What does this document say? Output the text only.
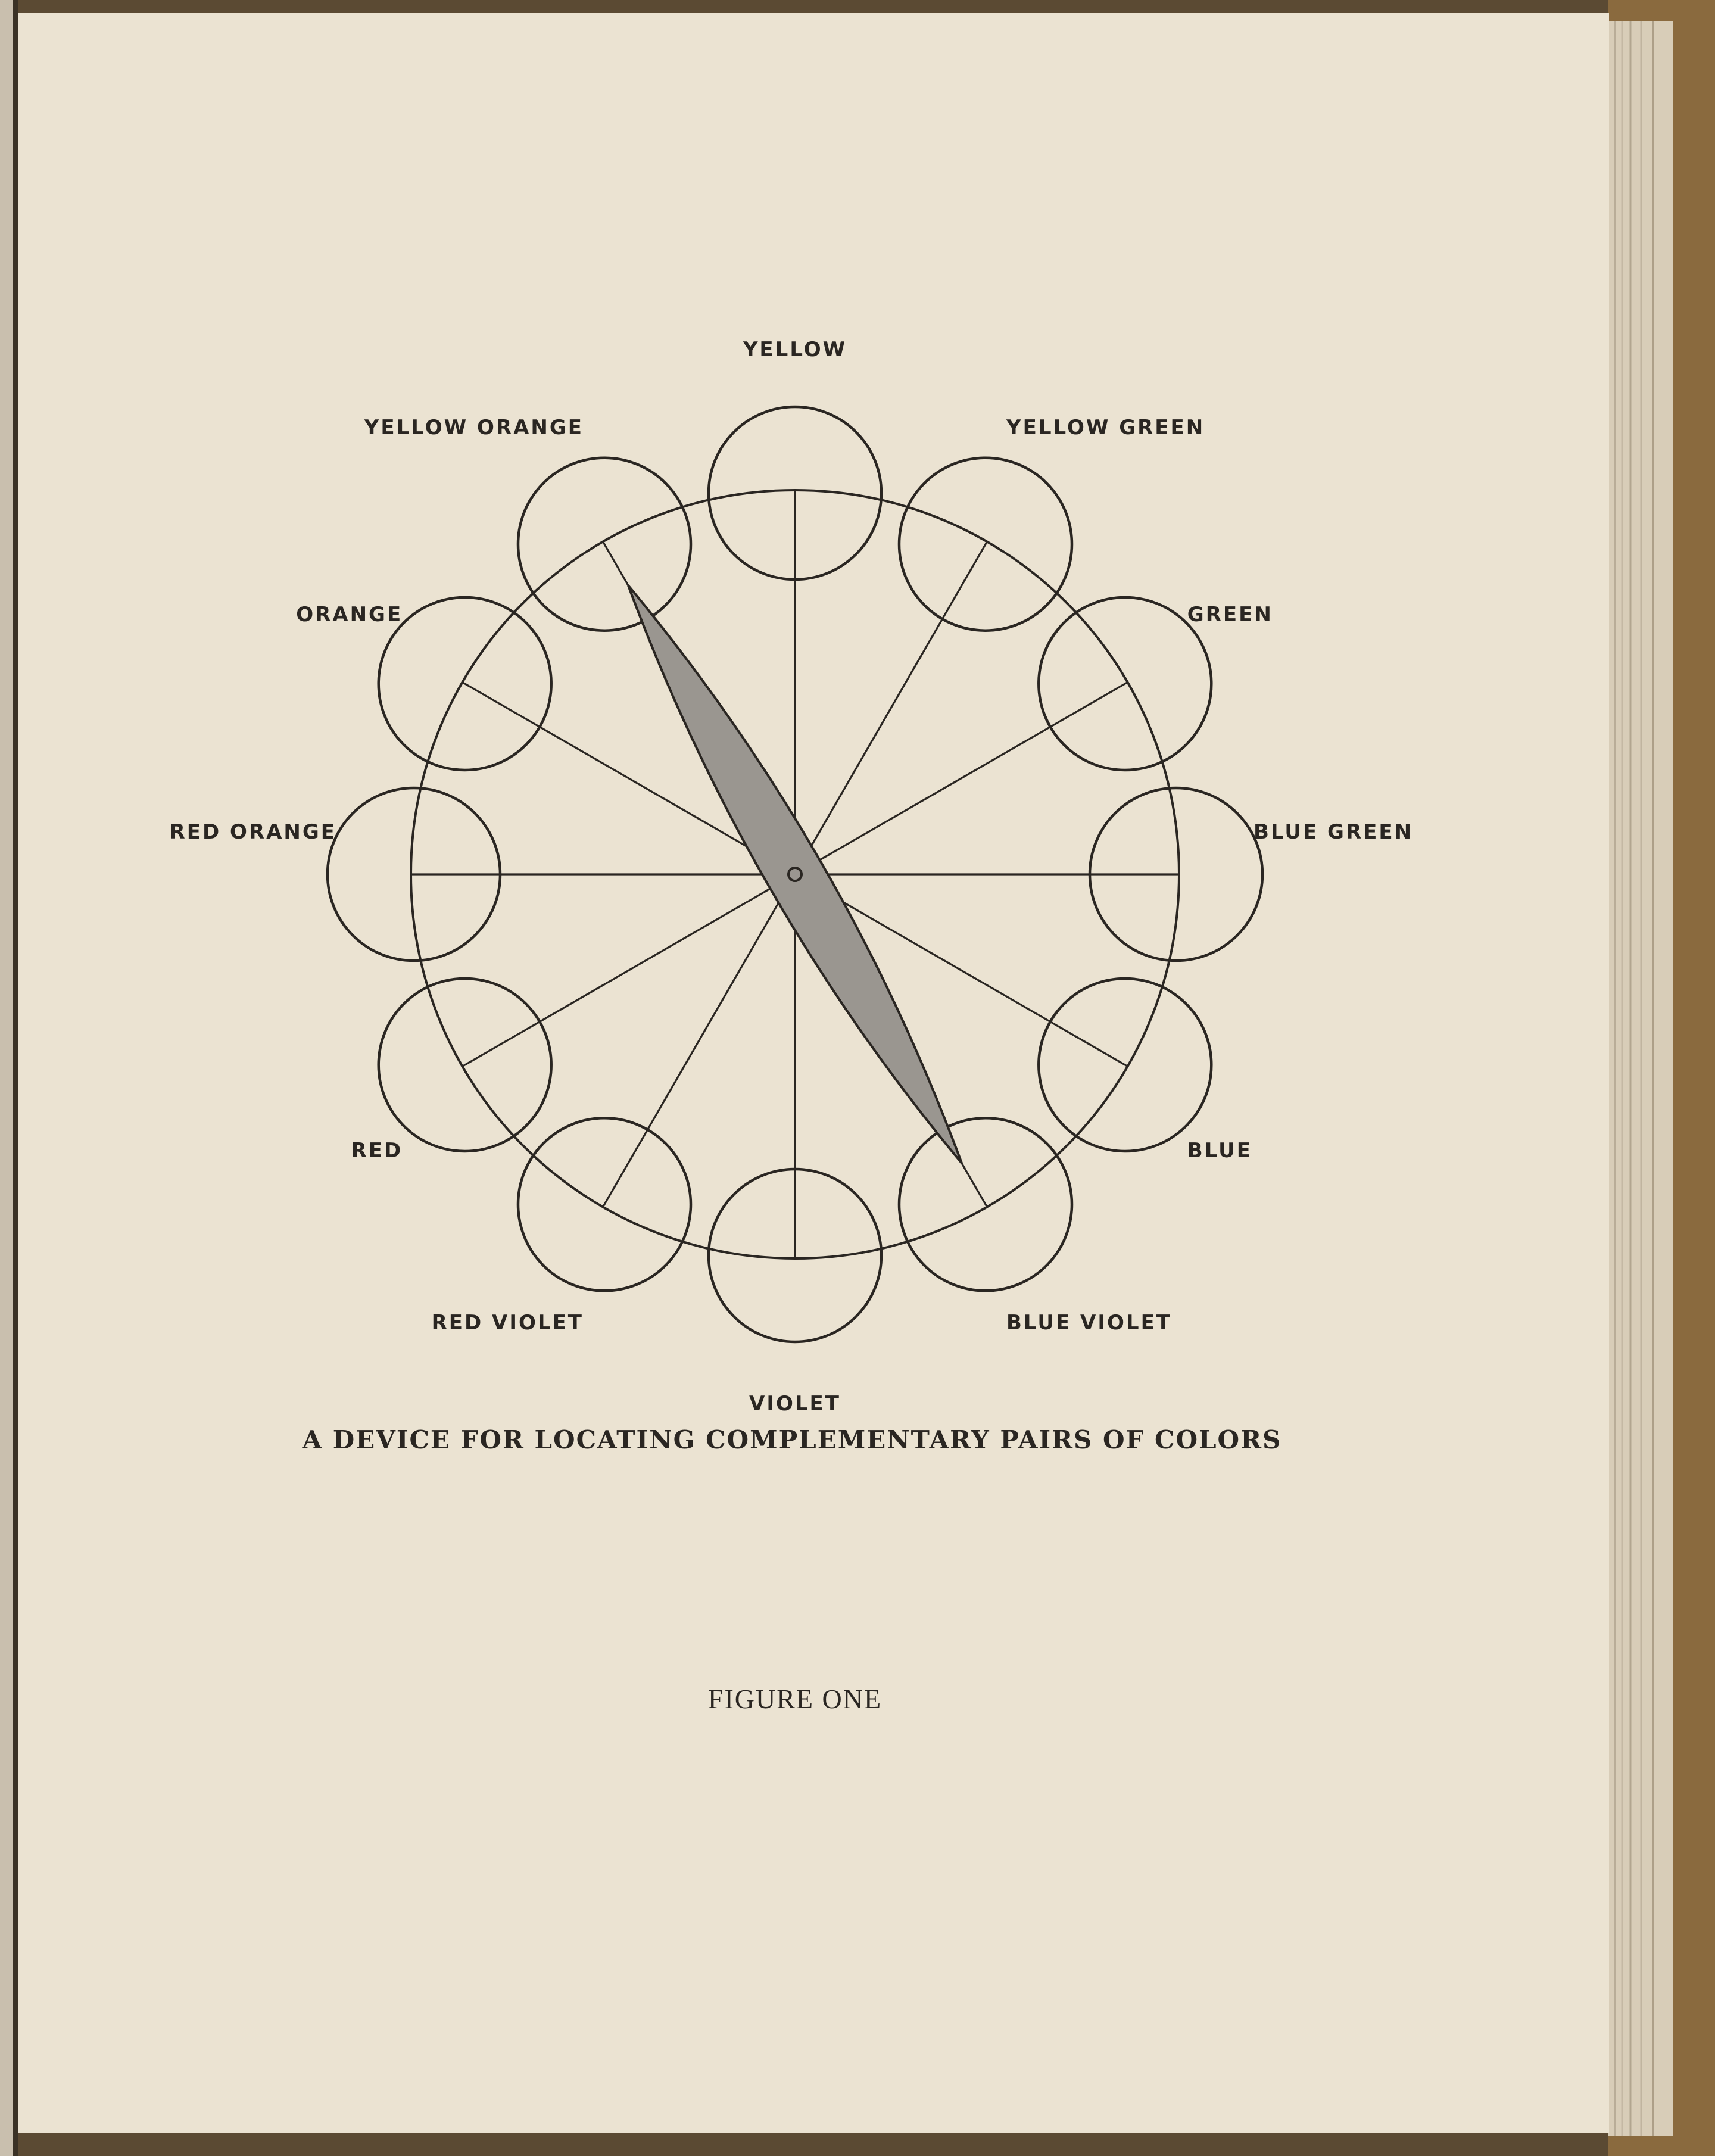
YELLOW
YELLOW GREEN
GREEN
BLUE GREEN
BLUE
BLUE VIOLET
VIOLET
RED VIOLET
RED
RED ORANGE
ORANGE
YELLOW ORANGE
A DEVICE FOR LOCATING COMPLEMENTARY PAIRS OF COLORS
FIGURE ONE
